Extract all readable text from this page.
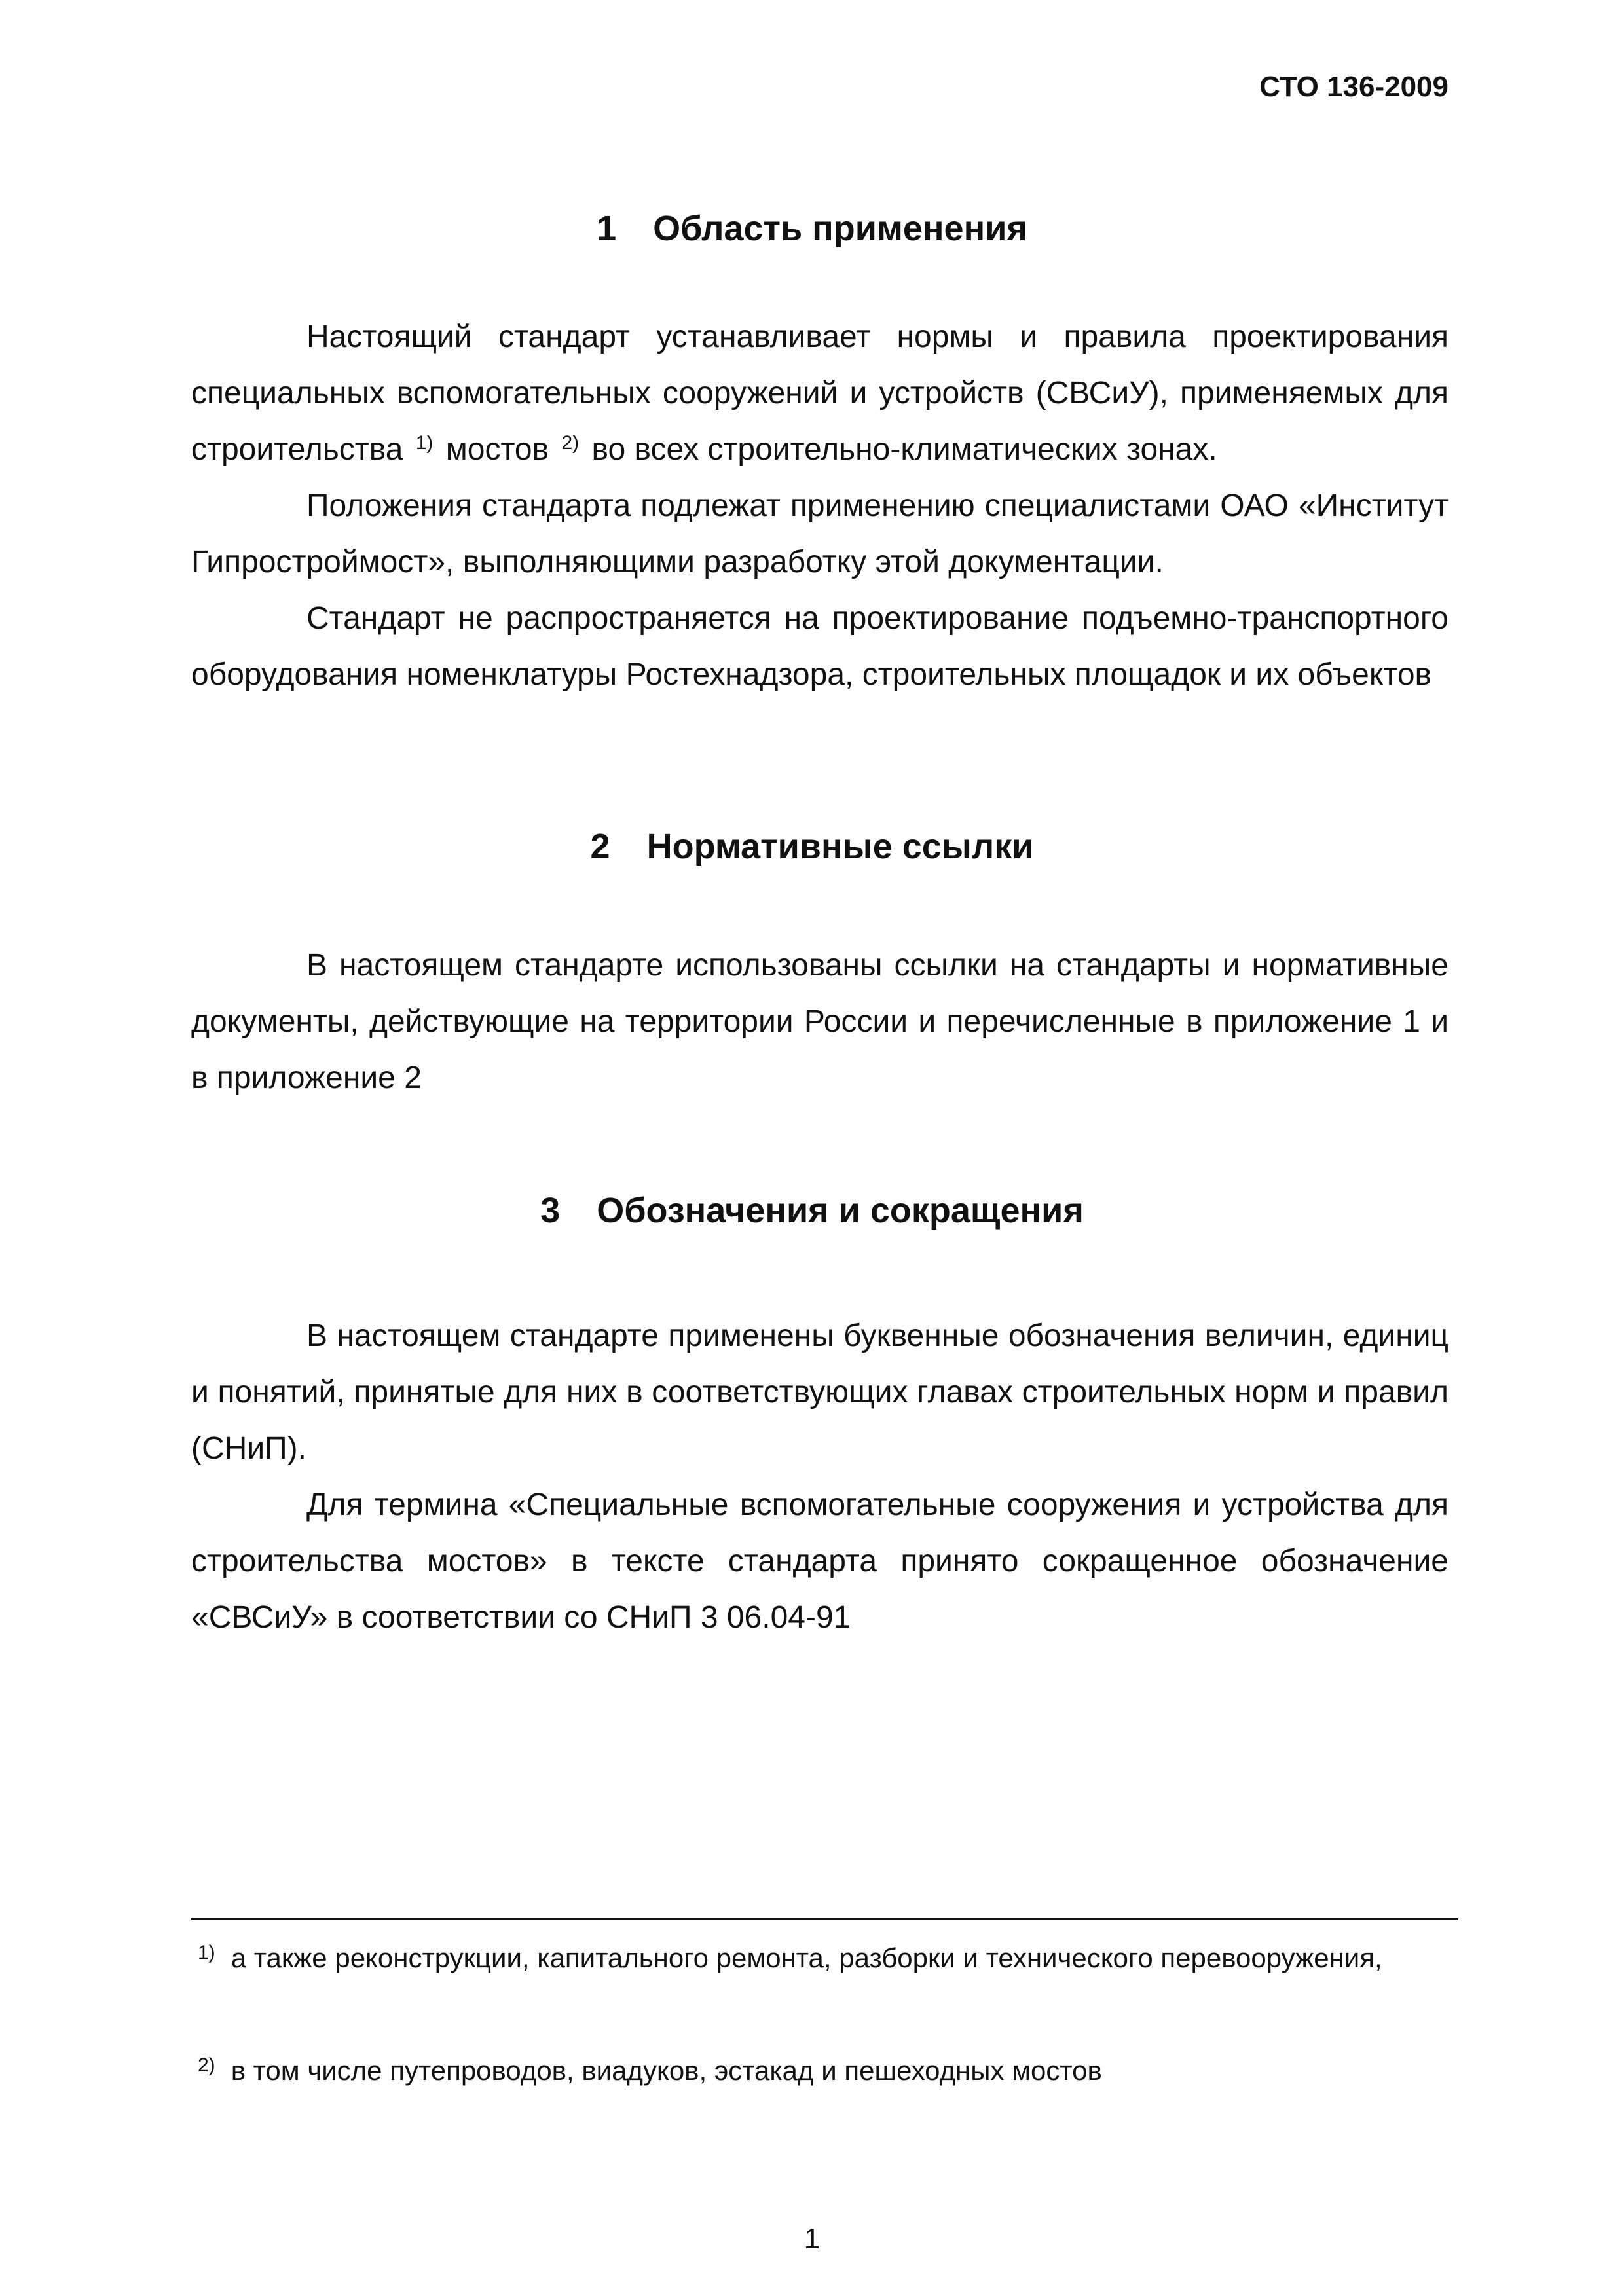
СТО 136-2009
1 Область применения

Настоящий стандарт устанавливает нормы и правила проектирования специальных вспомогательных сооружений и устройств (СВСиУ), применяемых для строительства $^{1)}$ мостов $^{2)}$ во всех строительно-климатических зонах.

Положения стандарта подлежат применению специалистами ОАО «Институт Гипростроймост», выполняющими разработку этой документации.

Стандарт не распространяется на проектирование подъемно-транспортного оборудования номенклатуры Ростехнадзора, строительных площадок и их объектов

2 Нормативные ссылки

В настоящем стандарте использованы ссылки на стандарты и нормативные документы, действующие на территории России и перечисленные в приложение 1 и в приложение 2

3 Обозначения и сокращения

В настоящем стандарте применены буквенные обозначения величин, единиц и понятий, принятые для них в соответствующих главах строительных норм и правил (СНиП).

Для термина «Специальные вспомогательные сооружения и устройства для строительства мостов» в тексте стандарта принято сокращенное обозначение «СВСиУ» в соответствии со СНиП 3 06.04-91

$^{1)}$ а также реконструкции, капитального ремонта, разборки и технического перевооружения,

$^{2)}$ в том числе путепроводов, виадуков, эстакад и пешеходных мостов

1
